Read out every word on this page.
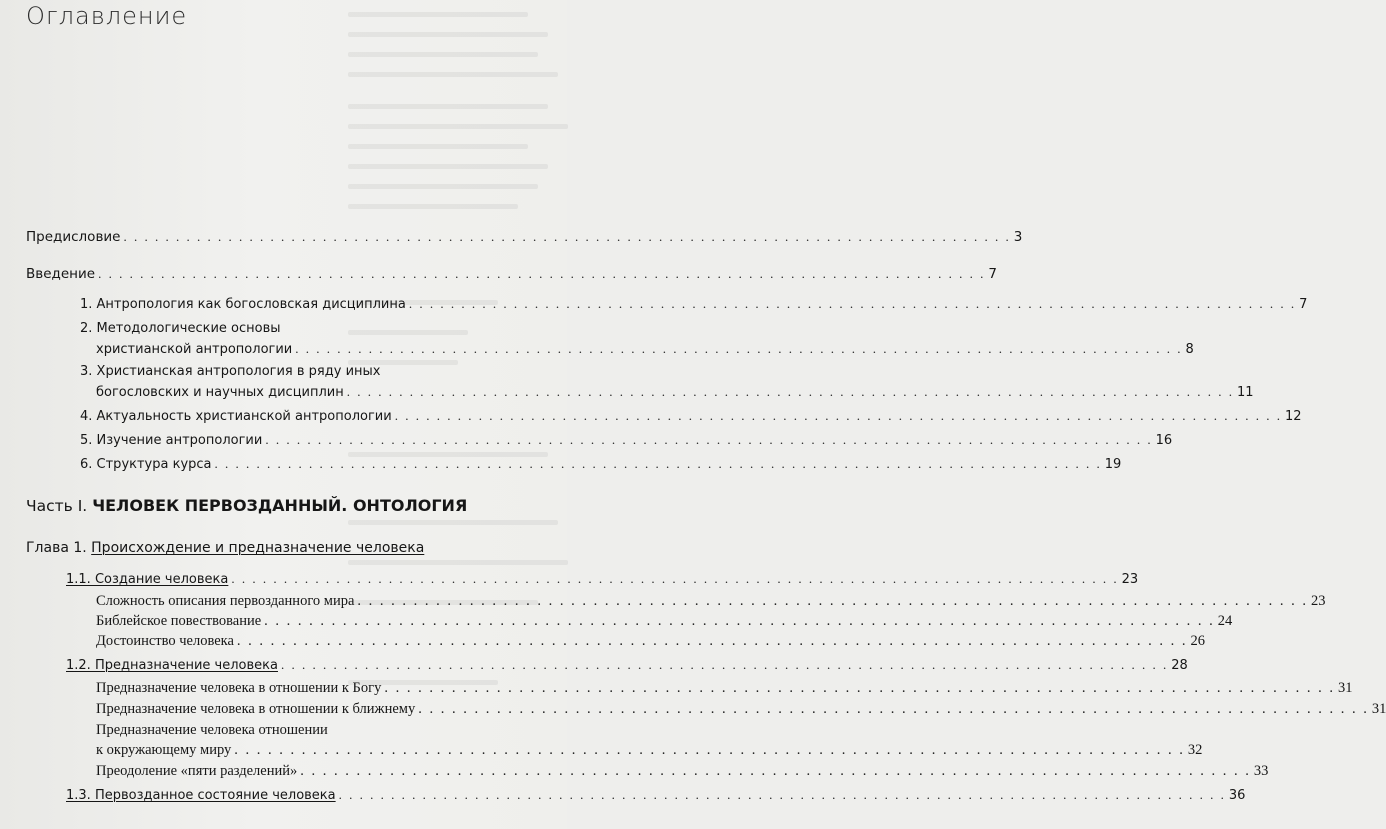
Оглавление
Предисловие . . . . . . . . . . . . . . . . . . . . . . . . . . . . . . . . . . . . . . . . . . . . . . . . . . . . . . . . . . . . . . . . . . . . . . . . . . . . . . . . . . . . . 3
Введение . . . . . . . . . . . . . . . . . . . . . . . . . . . . . . . . . . . . . . . . . . . . . . . . . . . . . . . . . . . . . . . . . . . . . . . . . . . . . . . . . . . . . 7
1. Антропология как богословская дисциплина . . . . . . . . . . . . . . . . . . . . . . . . . . . . . . . . . . . . . . . . . . . . . . . . . . . . . . . . . . . . . . . . . . . . . . . . . . . . . . . . . . . . . 7
2. Методологические основы
христианской антропологии . . . . . . . . . . . . . . . . . . . . . . . . . . . . . . . . . . . . . . . . . . . . . . . . . . . . . . . . . . . . . . . . . . . . . . . . . . . . . . . . . . . . . 8
3. Христианская антропология в ряду иных
богословских и научных дисциплин . . . . . . . . . . . . . . . . . . . . . . . . . . . . . . . . . . . . . . . . . . . . . . . . . . . . . . . . . . . . . . . . . . . . . . . . . . . . . . . . . . . . . 11
4. Актуальность христианской антропологии . . . . . . . . . . . . . . . . . . . . . . . . . . . . . . . . . . . . . . . . . . . . . . . . . . . . . . . . . . . . . . . . . . . . . . . . . . . . . . . . . . . . . 12
5. Изучение антропологии . . . . . . . . . . . . . . . . . . . . . . . . . . . . . . . . . . . . . . . . . . . . . . . . . . . . . . . . . . . . . . . . . . . . . . . . . . . . . . . . . . . . . 16
6. Структура курса . . . . . . . . . . . . . . . . . . . . . . . . . . . . . . . . . . . . . . . . . . . . . . . . . . . . . . . . . . . . . . . . . . . . . . . . . . . . . . . . . . . . . 19
Часть I. ЧЕЛОВЕК ПЕРВОЗДАННЫЙ. ОНТОЛОГИЯ
Глава 1. Происхождение и предназначение человека
1.1. Создание человека . . . . . . . . . . . . . . . . . . . . . . . . . . . . . . . . . . . . . . . . . . . . . . . . . . . . . . . . . . . . . . . . . . . . . . . . . . . . . . . . . . . . . 23
Сложность описания первозданного мира . . . . . . . . . . . . . . . . . . . . . . . . . . . . . . . . . . . . . . . . . . . . . . . . . . . . . . . . . . . . . . . . . . . . . . . . . . . . . . . . . . . . . 23
Библейское повествование . . . . . . . . . . . . . . . . . . . . . . . . . . . . . . . . . . . . . . . . . . . . . . . . . . . . . . . . . . . . . . . . . . . . . . . . . . . . . . . . . . . . . 24
Достоинство человека . . . . . . . . . . . . . . . . . . . . . . . . . . . . . . . . . . . . . . . . . . . . . . . . . . . . . . . . . . . . . . . . . . . . . . . . . . . . . . . . . . . . . 26
1.2. Предназначение человека . . . . . . . . . . . . . . . . . . . . . . . . . . . . . . . . . . . . . . . . . . . . . . . . . . . . . . . . . . . . . . . . . . . . . . . . . . . . . . . . . . . . . 28
Предназначение человека в отношении к Богу . . . . . . . . . . . . . . . . . . . . . . . . . . . . . . . . . . . . . . . . . . . . . . . . . . . . . . . . . . . . . . . . . . . . . . . . . . . . . . . . . . . . . 31
Предназначение человека в отношении к ближнему . . . . . . . . . . . . . . . . . . . . . . . . . . . . . . . . . . . . . . . . . . . . . . . . . . . . . . . . . . . . . . . . . . . . . . . . . . . . . . . . . . . . . 31
Предназначение человека отношении
к окружающему миру . . . . . . . . . . . . . . . . . . . . . . . . . . . . . . . . . . . . . . . . . . . . . . . . . . . . . . . . . . . . . . . . . . . . . . . . . . . . . . . . . . . . . 32
Преодоление «пяти разделений» . . . . . . . . . . . . . . . . . . . . . . . . . . . . . . . . . . . . . . . . . . . . . . . . . . . . . . . . . . . . . . . . . . . . . . . . . . . . . . . . . . . . . 33
1.3. Первозданное состояние человека . . . . . . . . . . . . . . . . . . . . . . . . . . . . . . . . . . . . . . . . . . . . . . . . . . . . . . . . . . . . . . . . . . . . . . . . . . . . . . . . . . . . . 36
